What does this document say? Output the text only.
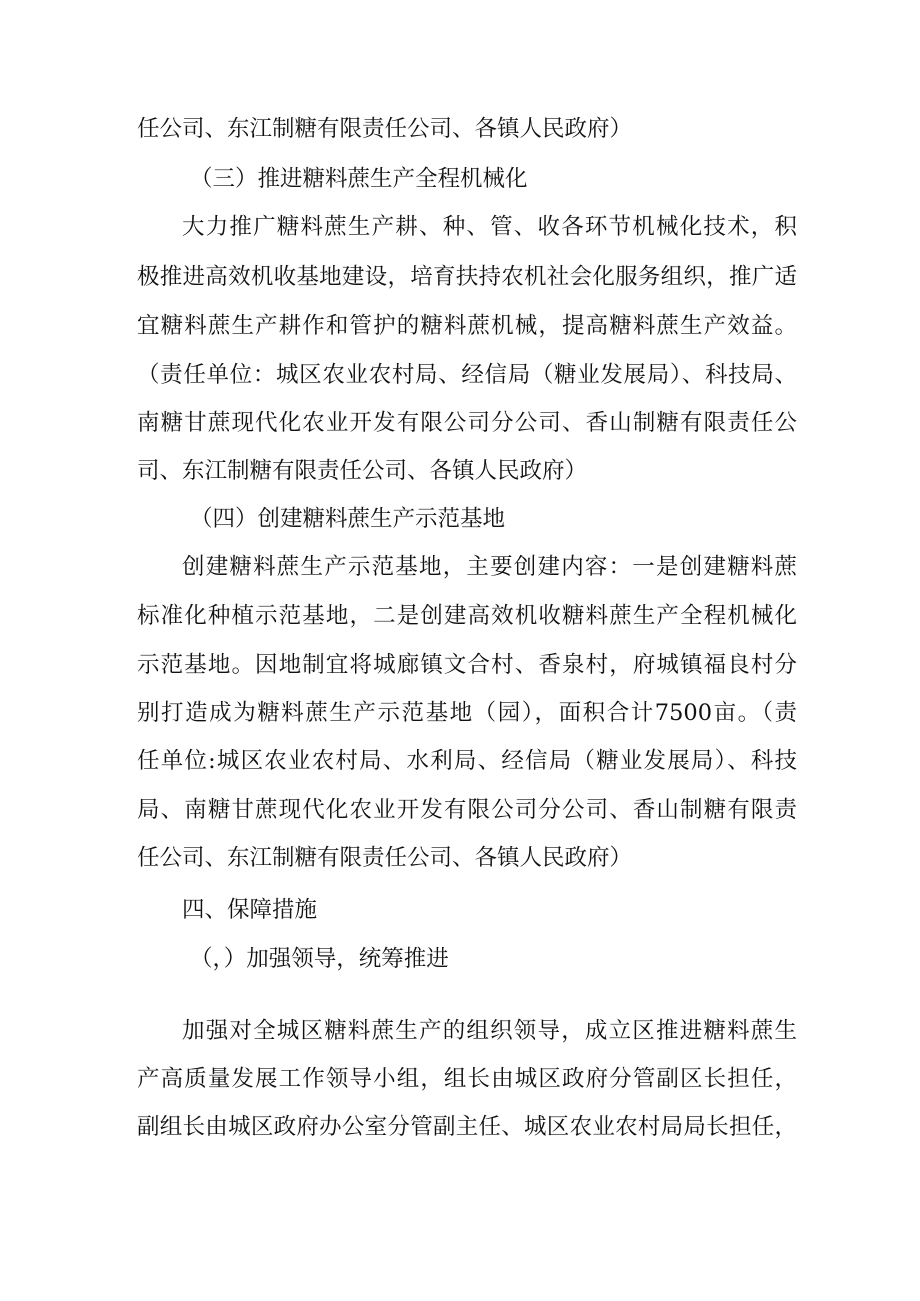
任公司、东江制糖有限责任公司、各镇人民政府）
（三）推进糖料蔗生产全程机械化
大力推广糖料蔗生产耕、种、管、收各环节机械化技术，积
极推进高效机收基地建设，培育扶持农机社会化服务组织，推广适
宜糖料蔗生产耕作和管护的糖料蔗机械，提高糖料蔗生产效益。
（责任单位：城区农业农村局、经信局（糖业发展局）、科技局、
南糖甘蔗现代化农业开发有限公司分公司、香山制糖有限责任公
司、东江制糖有限责任公司、各镇人民政府）
（四）创建糖料蔗生产示范基地
创建糖料蔗生产示范基地，主要创建内容：一是创建糖料蔗
标准化种植示范基地，二是创建高效机收糖料蔗生产全程机械化
示范基地。因地制宜将城廊镇文合村、香泉村，府城镇福良村分
别打造成为糖料蔗生产示范基地（园），面积合计7500亩。（责
任单位:城区农业农村局、水利局、经信局（糖业发展局）、科技
局、南糖甘蔗现代化农业开发有限公司分公司、香山制糖有限责
任公司、东江制糖有限责任公司、各镇人民政府）
四、保障措施
（，）加强领导，统筹推进
加强对全城区糖料蔗生产的组织领导，成立区推进糖料蔗生
产高质量发展工作领导小组，组长由城区政府分管副区长担任，
副组长由城区政府办公室分管副主任、城区农业农村局局长担任，
